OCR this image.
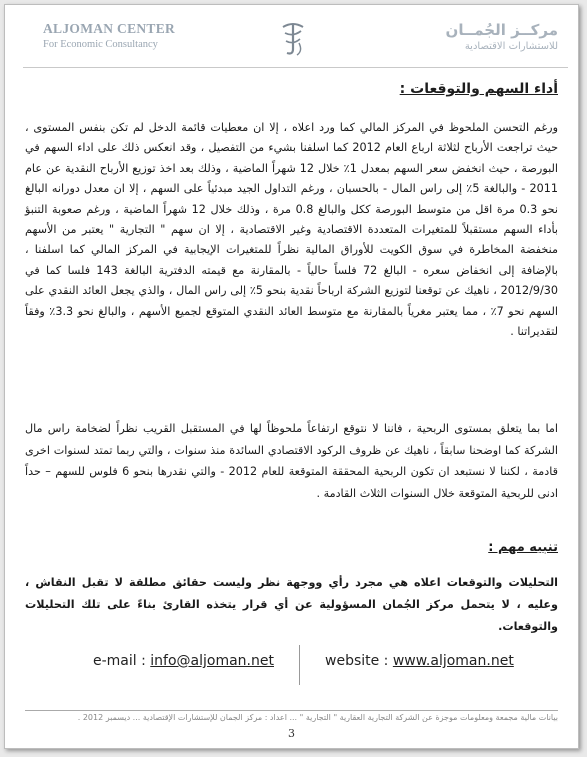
ALJOMAN CENTER
For Economic Consultancy
مركــز الجُمــان
للاستشارات الاقتصادية
أداء السهم والتوقعات :
ورغم التحسن الملحوظ في المركز المالي كما ورد اعلاه ، إلا ان معطيات قائمة الدخل لم تكن بنفس المستوى ، حيث تراجعت الأرباح لثلاثة ارباع العام 2012 كما اسلفنا بشيء من التفصيل ، وقد انعكس ذلك على اداء السهم في البورصة ، حيث انخفض سعر السهم بمعدل 1٪ خلال 12 شهراً الماضية ، وذلك بعد اخذ توزيع الأرباح النقدية عن عام 2011 - والبالغة 5٪ إلى راس المال - بالحسبان ، ورغم التداول الجيد مبدئياً على السهم ، إلا ان معدل دورانه البالغ نحو 0.3 مرة اقل من متوسط البورصة ككل والبالغ 0.8 مرة ، وذلك خلال 12 شهراً الماضية ، ورغم صعوبة التنبؤ بأداء السهم مستقبلاً للمتغيرات المتعددة الاقتصادية وغير الاقتصادية ، إلا ان سهم " التجارية " يعتبر من الأسهم منخفضة المخاطرة في سوق الكويت للأوراق المالية نظراً للمتغيرات الإيجابية في المركز المالي كما اسلفنا ، بالإضافة إلى انخفاض سعره - البالغ 72 فلساً حالياً - بالمقارنة مع قيمته الدفترية البالغة 143 فلسا كما في 2012/9/30 ، ناهيك عن توقعنا لتوزيع الشركة ارباحاً نقدية بنحو 5٪ إلى راس المال ، والذي يجعل العائد النقدي على السهم نحو 7٪ ، مما يعتبر مغرياً بالمقارنة مع متوسط العائد النقدي المتوقع لجميع الأسهم ، والبالغ نحو 3.3٪ وفقاً لتقديراتنا .
اما بما يتعلق بمستوى الربحية ، فاننا لا نتوقع ارتفاعاً ملحوظاً لها في المستقبل القريب نظراً لضخامة راس مال الشركة كما اوضحنا سابقاً ، ناهيك عن ظروف الركود الاقتصادي السائدة منذ سنوات ، والتي ربما تمتد لسنوات اخرى قادمة ، لكننا لا نستبعد ان تكون الربحية المحققة المتوقعة للعام 2012 - والتي نقدرها بنحو 6 فلوس للسهم – حداً ادنى للربحية المتوقعة خلال السنوات الثلاث القادمة .
تنبيه مهم :
التحليلات والتوقعات اعلاه هي مجرد رأي ووجهة نظر وليست حقائق مطلقة لا تقبل النقاش ، وعليه ، لا يتحمل مركز الجُمان المسؤولية عن أي قرار يتخذه القارئ بناءً على تلك التحليلات والتوقعات.
e-mail : info@aljoman.net	website : www.aljoman.net
بيانات مالية مجمعة ومعلومات موجزة عن الشركة التجارية العقارية " التجارية " ... اعداد : مركز الجمان للإستشارات الإقتصادية ... ديسمبر 2012 .
3
